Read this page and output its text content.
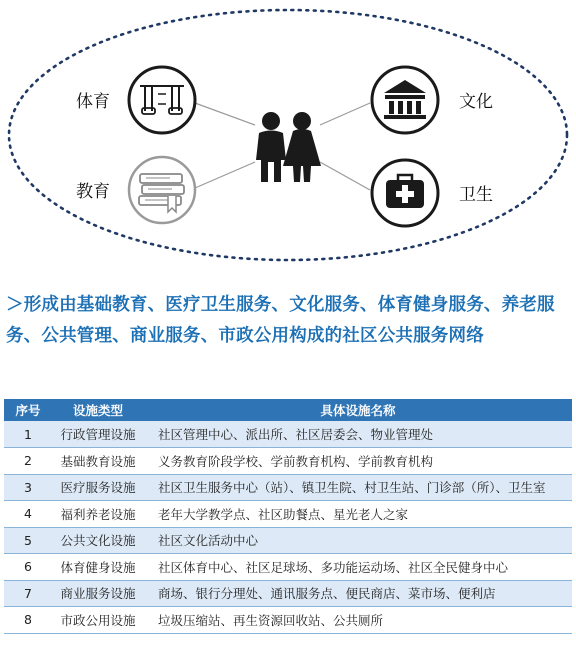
体育
教育
文化
卫生
＞形成由基础教育、医疗卫生服务、文化服务、体育健身服务、养老服务、公共管理、商业服务、市政公用构成的社区公共服务网络
序号	设施类型	具体设施名称
1	行政管理设施	社区管理中心、派出所、社区居委会、物业管理处
2	基础教育设施	义务教育阶段学校、学前教育机构、学前教育机构
3	医疗服务设施	社区卫生服务中心（站）、镇卫生院、村卫生站、门诊部（所）、卫生室
4	福利养老设施	老年大学教学点、社区助餐点、星光老人之家
5	公共文化设施	社区文化活动中心
6	体育健身设施	社区体育中心、社区足球场、多功能运动场、社区全民健身中心
7	商业服务设施	商场、银行分理处、通讯服务点、便民商店、菜市场、便利店
8	市政公用设施	垃圾压缩站、再生资源回收站、公共厕所
